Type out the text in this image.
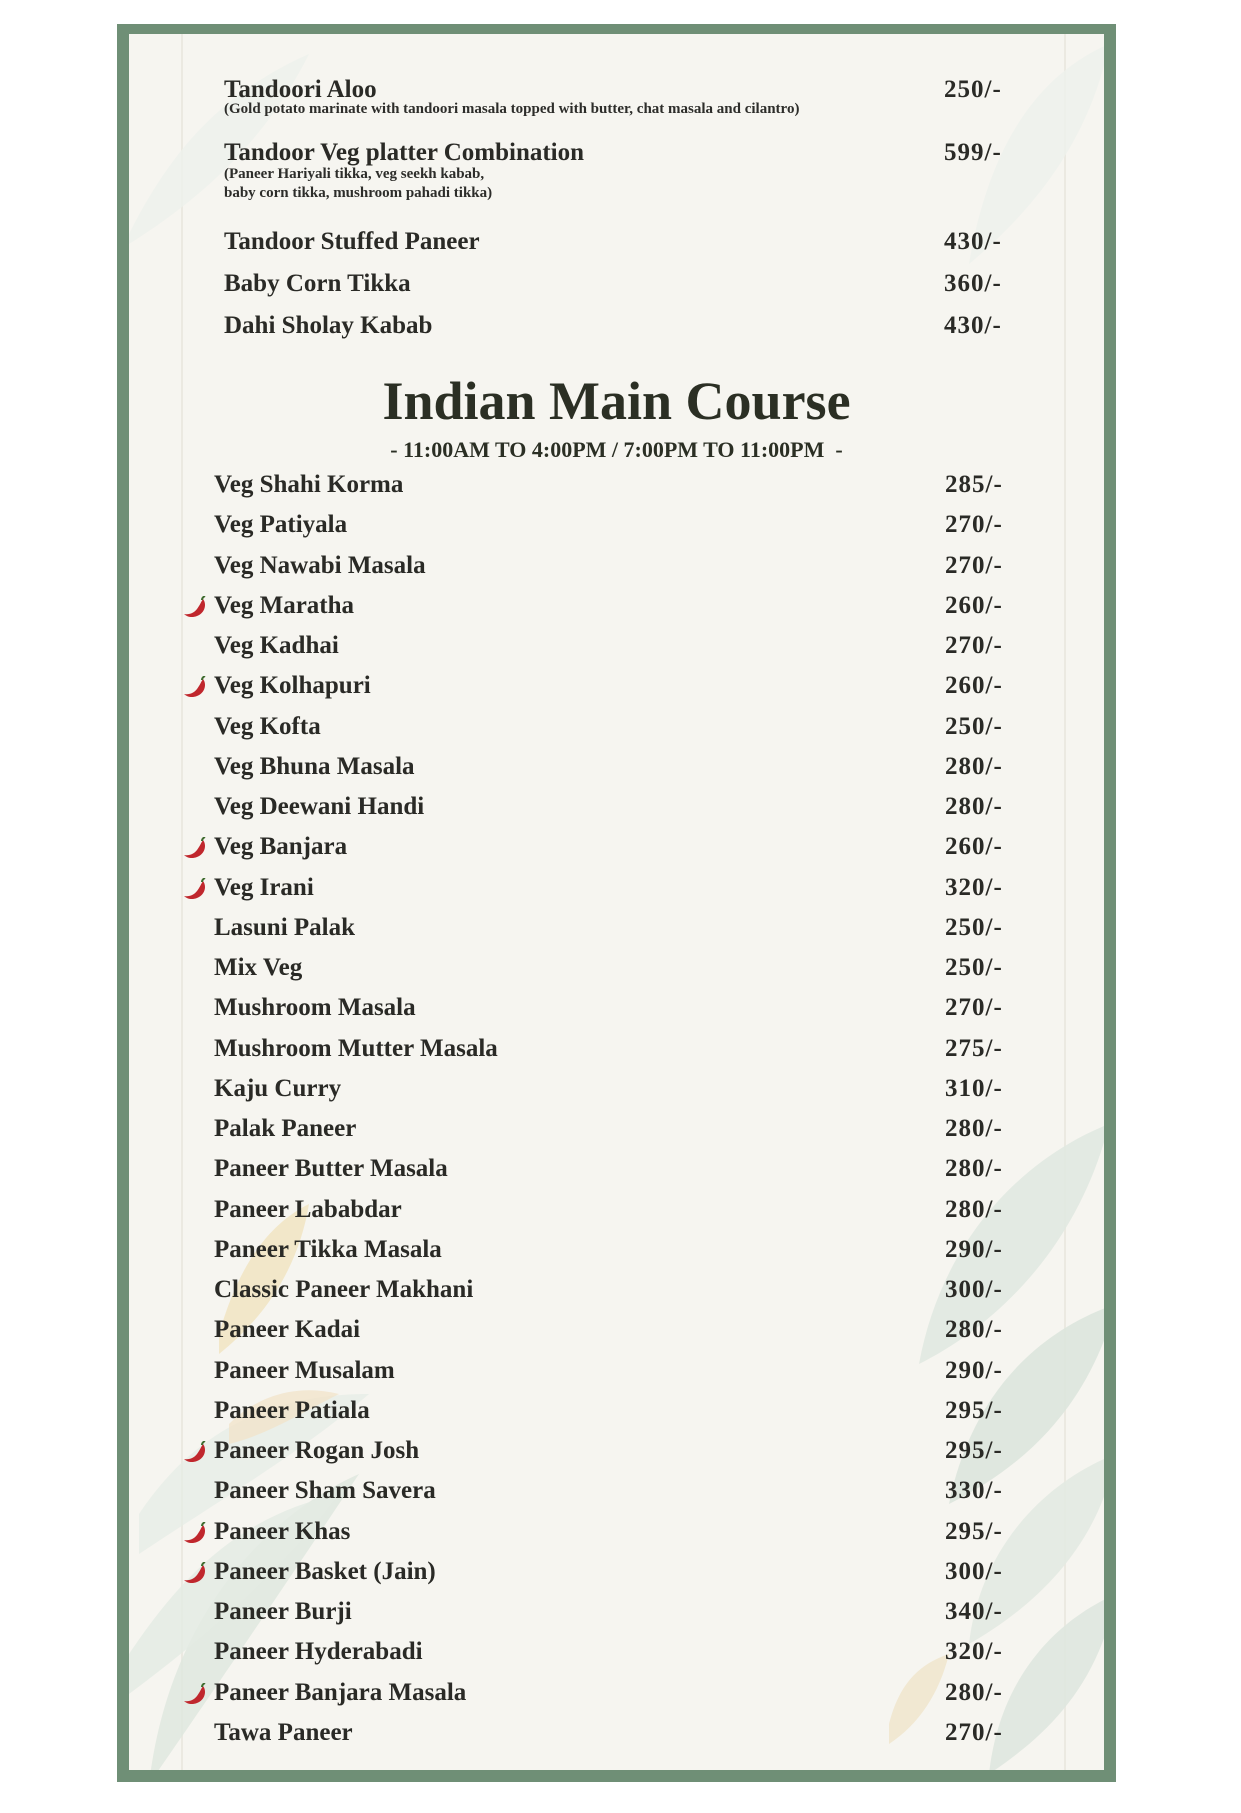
Tandoori Aloo	250/-
(Gold potato marinate with tandoori masala topped with butter, chat masala and cilantro)
Tandoor Veg platter Combination	599/-
(Paneer Hariyali tikka, veg seekh kabab,
baby corn tikka, mushroom pahadi tikka)
Tandoor Stuffed Paneer	430/-
Baby Corn Tikka	360/-
Dahi Sholay Kabab	430/-
Indian Main Course
- 11:00AM TO 4:00PM / 7:00PM TO 11:00PM  -
Veg Shahi Korma	285/-
Veg Patiyala	270/-
Veg Nawabi Masala	270/-
Veg Maratha	260/-
Veg Kadhai	270/-
Veg Kolhapuri	260/-
Veg Kofta	250/-
Veg Bhuna Masala	280/-
Veg Deewani Handi	280/-
Veg Banjara	260/-
Veg Irani	320/-
Lasuni Palak	250/-
Mix Veg	250/-
Mushroom Masala	270/-
Mushroom Mutter Masala	275/-
Kaju Curry	310/-
Palak Paneer	280/-
Paneer Butter Masala	280/-
Paneer Lababdar	280/-
Paneer Tikka Masala	290/-
Classic Paneer Makhani	300/-
Paneer Kadai	280/-
Paneer Musalam	290/-
Paneer Patiala	295/-
Paneer Rogan Josh	295/-
Paneer Sham Savera	330/-
Paneer Khas	295/-
Paneer Basket (Jain)	300/-
Paneer Burji	340/-
Paneer Hyderabadi	320/-
Paneer Banjara Masala	280/-
Tawa Paneer	270/-
